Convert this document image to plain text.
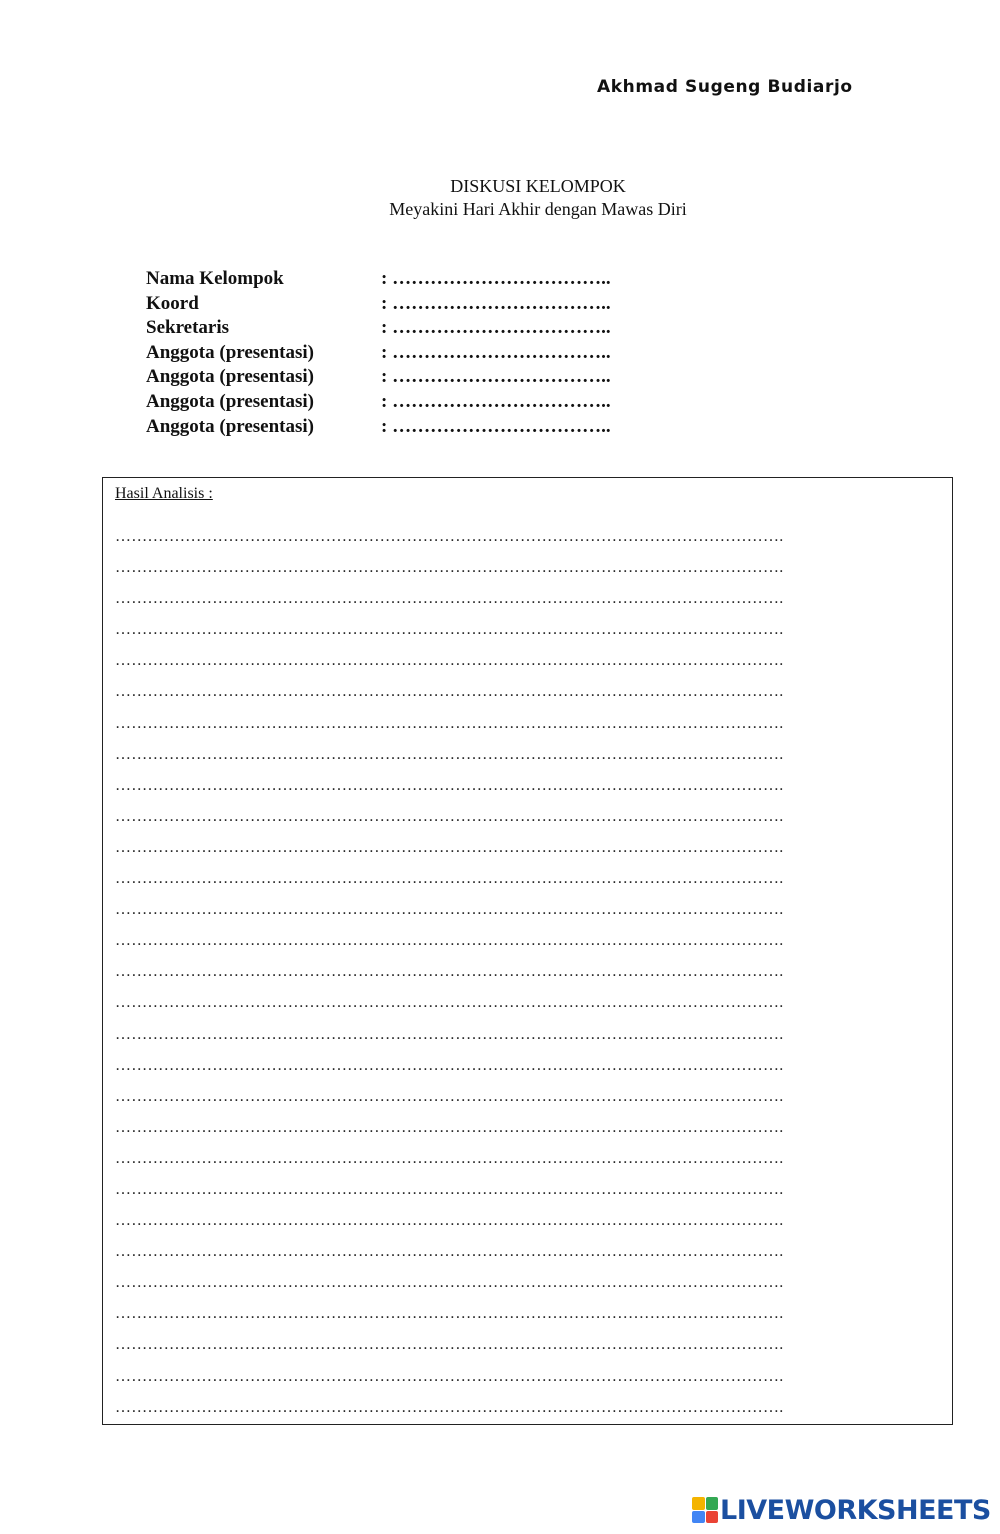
Akhmad Sugeng Budiarjo
DISKUSI KELOMPOK
Meyakini Hari Akhir dengan Mawas Diri
Nama Kelompok	: ……………………………..
Koord	: ……………………………..
Sekretaris	: ……………………………..
Anggota (presentasi)	: ……………………………..
Anggota (presentasi)	: ……………………………..
Anggota (presentasi)	: ……………………………..
Anggota (presentasi)	: ……………………………..
Hasil Analisis :
…………………………………………………………………………………………………………….
…………………………………………………………………………………………………………….
…………………………………………………………………………………………………………….
…………………………………………………………………………………………………………….
…………………………………………………………………………………………………………….
…………………………………………………………………………………………………………….
…………………………………………………………………………………………………………….
…………………………………………………………………………………………………………….
…………………………………………………………………………………………………………….
…………………………………………………………………………………………………………….
…………………………………………………………………………………………………………….
…………………………………………………………………………………………………………….
…………………………………………………………………………………………………………….
…………………………………………………………………………………………………………….
…………………………………………………………………………………………………………….
…………………………………………………………………………………………………………….
…………………………………………………………………………………………………………….
…………………………………………………………………………………………………………….
…………………………………………………………………………………………………………….
…………………………………………………………………………………………………………….
…………………………………………………………………………………………………………….
…………………………………………………………………………………………………………….
…………………………………………………………………………………………………………….
…………………………………………………………………………………………………………….
…………………………………………………………………………………………………………….
…………………………………………………………………………………………………………….
…………………………………………………………………………………………………………….
…………………………………………………………………………………………………………….
…………………………………………………………………………………………………………….
LIVEWORKSHEETS
